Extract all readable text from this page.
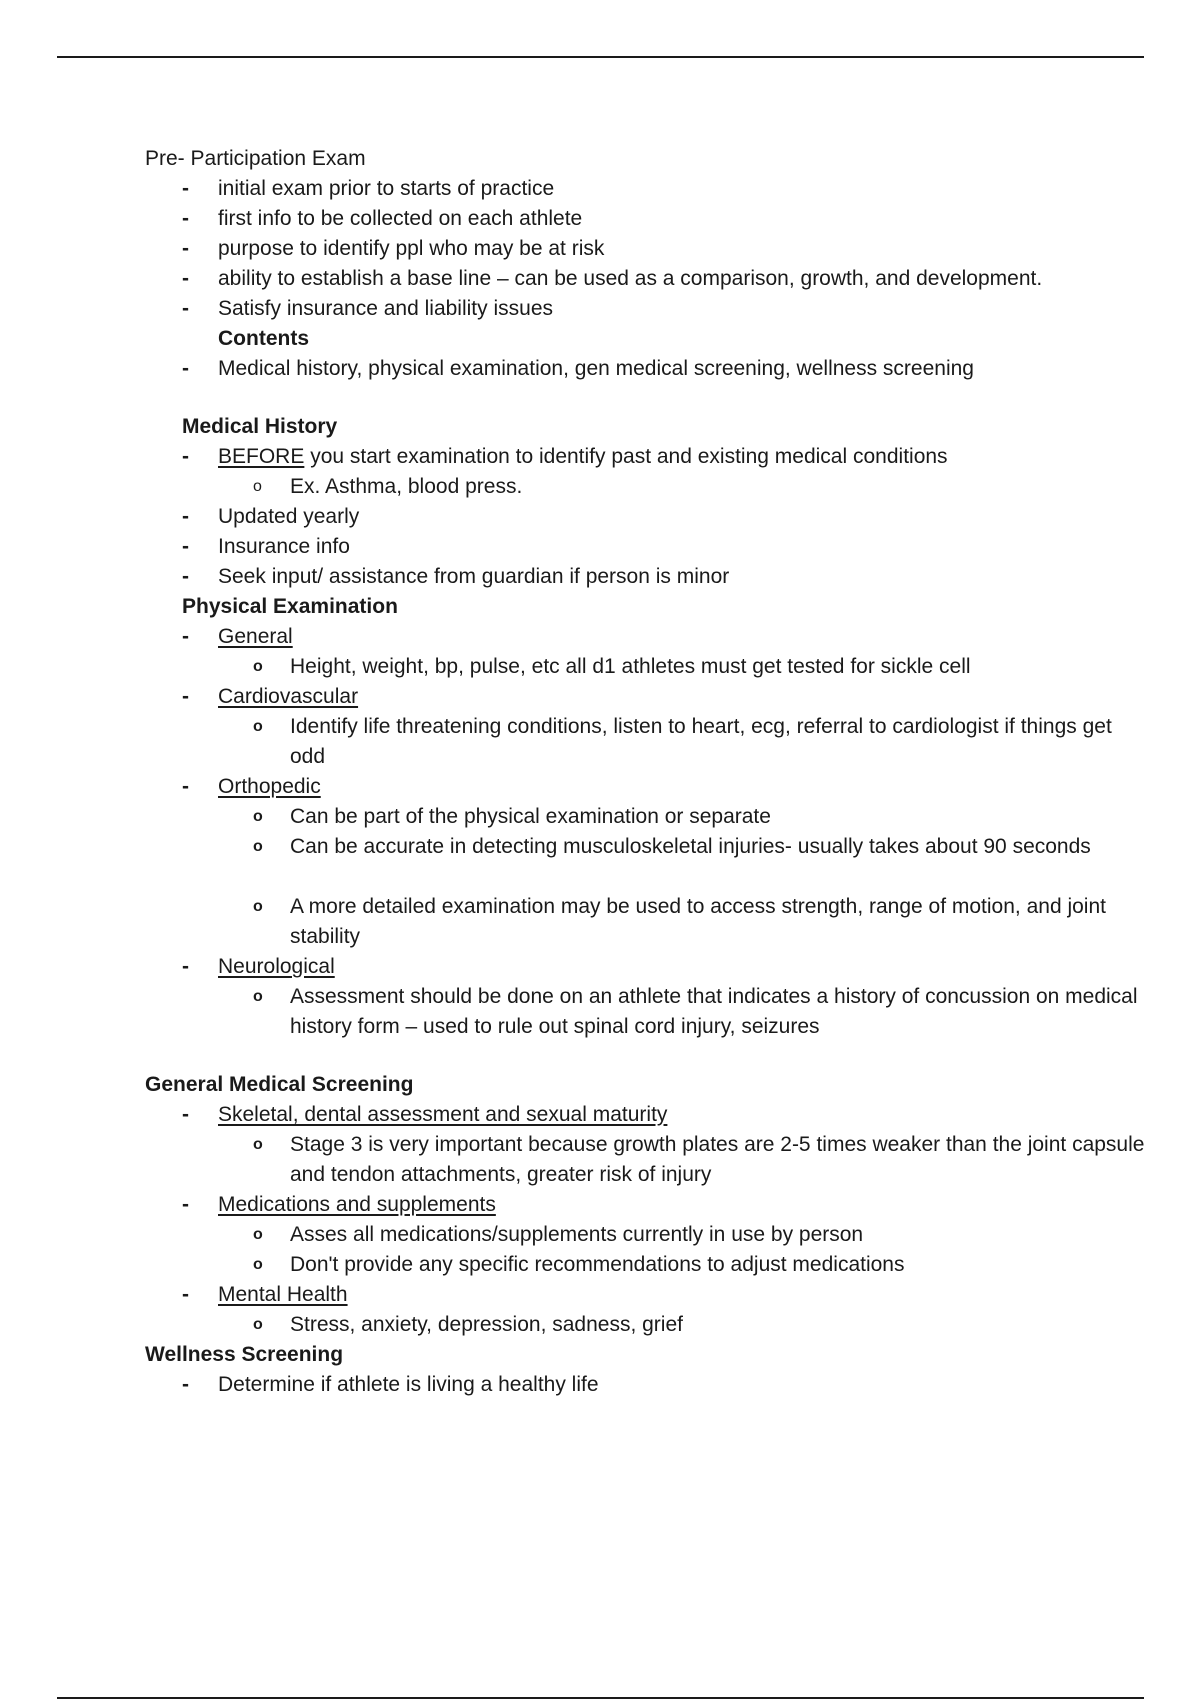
Pre- Participation Exam
- initial exam prior to starts of practice
- first info to be collected on each athlete
- purpose to identify ppl who may be at risk
- ability to establish a base line – can be used as a comparison, growth, and development.
- Satisfy insurance and liability issues
Contents
- Medical history, physical examination, gen medical screening, wellness screening
Medical History
- BEFORE you start examination to identify past and existing medical conditions
o Ex. Asthma, blood press.
- Updated yearly
- Insurance info
- Seek input/ assistance from guardian if person is minor
Physical Examination
- General
o Height, weight, bp, pulse, etc all d1 athletes must get tested for sickle cell
- Cardiovascular
o Identify life threatening conditions, listen to heart, ecg, referral to cardiologist if things get odd
- Orthopedic
o Can be part of the physical examination or separate
o Can be accurate in detecting musculoskeletal injuries- usually takes about 90 seconds
o A more detailed examination may be used to access strength, range of motion, and joint stability
- Neurological
o Assessment should be done on an athlete that indicates a history of concussion on medical history form – used to rule out spinal cord injury, seizures
General Medical Screening
- Skeletal, dental assessment and sexual maturity
o Stage 3 is very important because growth plates are 2-5 times weaker than the joint capsule and tendon attachments, greater risk of injury
- Medications and supplements
o Asses all medications/supplements currently in use by person
o Don't provide any specific recommendations to adjust medications
- Mental Health
o Stress, anxiety, depression, sadness, grief
Wellness Screening
- Determine if athlete is living a healthy life
